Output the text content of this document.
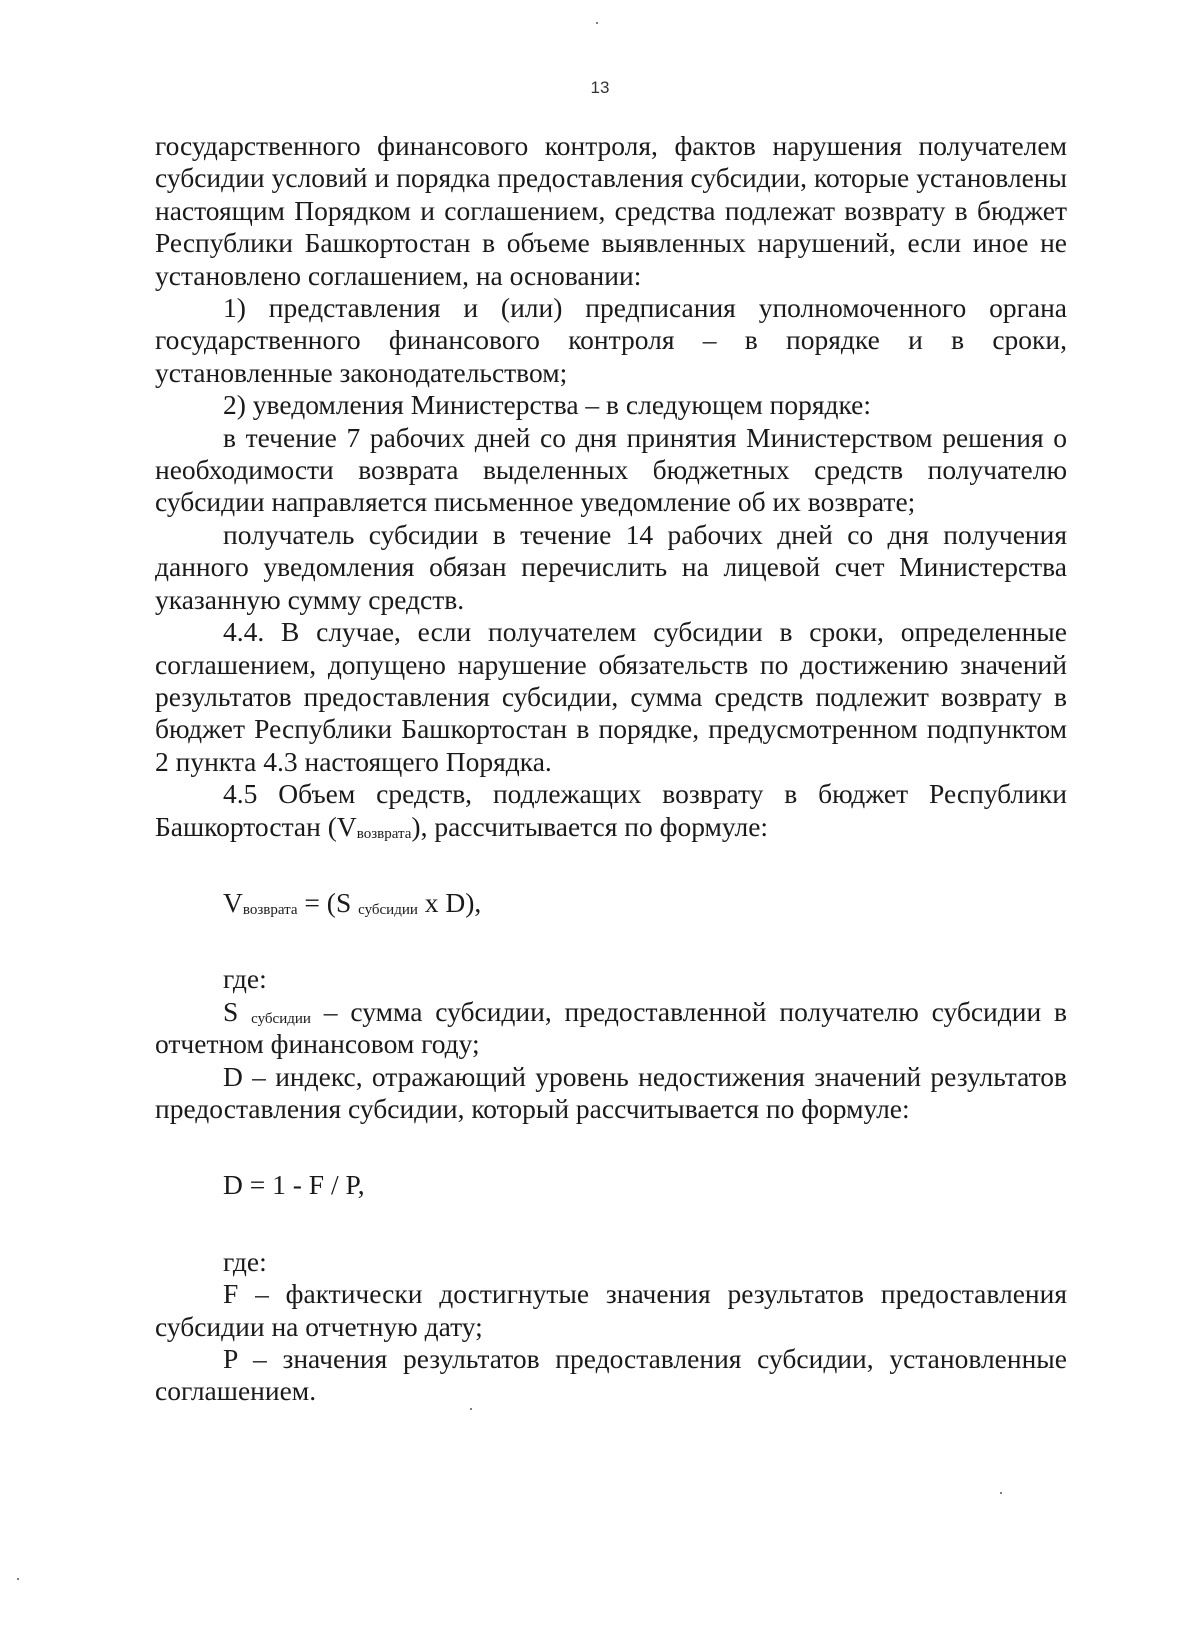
13

государственного финансового контроля, фактов нарушения получателем субсидии условий и порядка предоставления субсидии, которые установлены настоящим Порядком и соглашением, средства подлежат возврату в бюджет Республики Башкортостан в объеме выявленных нарушений, если иное не установлено соглашением, на основании:

1) представления и (или) предписания уполномоченного органа государственного финансового контроля – в порядке и в сроки, установленные законодательством;

2) уведомления Министерства – в следующем порядке:

в течение 7 рабочих дней со дня принятия Министерством решения о необходимости возврата выделенных бюджетных средств получателю субсидии направляется письменное уведомление об их возврате;

получатель субсидии в течение 14 рабочих дней со дня получения данного уведомления обязан перечислить на лицевой счет Министерства указанную сумму средств.

4.4. В случае, если получателем субсидии в сроки, определенные соглашением, допущено нарушение обязательств по достижению значений результатов предоставления субсидии, сумма средств подлежит возврату в бюджет Республики Башкортостан в порядке, предусмотренном подпунктом 2 пункта 4.3 настоящего Порядка.

4.5 Объем средств, подлежащих возврату в бюджет Республики Башкортостан $(V_{возврата})$, рассчитывается по формуле:

$V_{возврата} = (S$ $_{субсидии}$ x D),

где:

S $_{субсидии}$ – сумма субсидии, предоставленной получателю субсидии в отчетном финансовом году;

D – индекс, отражающий уровень недостижения значений результатов предоставления субсидии, который рассчитывается по формуле:

D = 1 - F / P,

где:

F – фактически достигнутые значения результатов предоставления субсидии на отчетную дату;

P – значения результатов предоставления субсидии, установленные соглашением.
